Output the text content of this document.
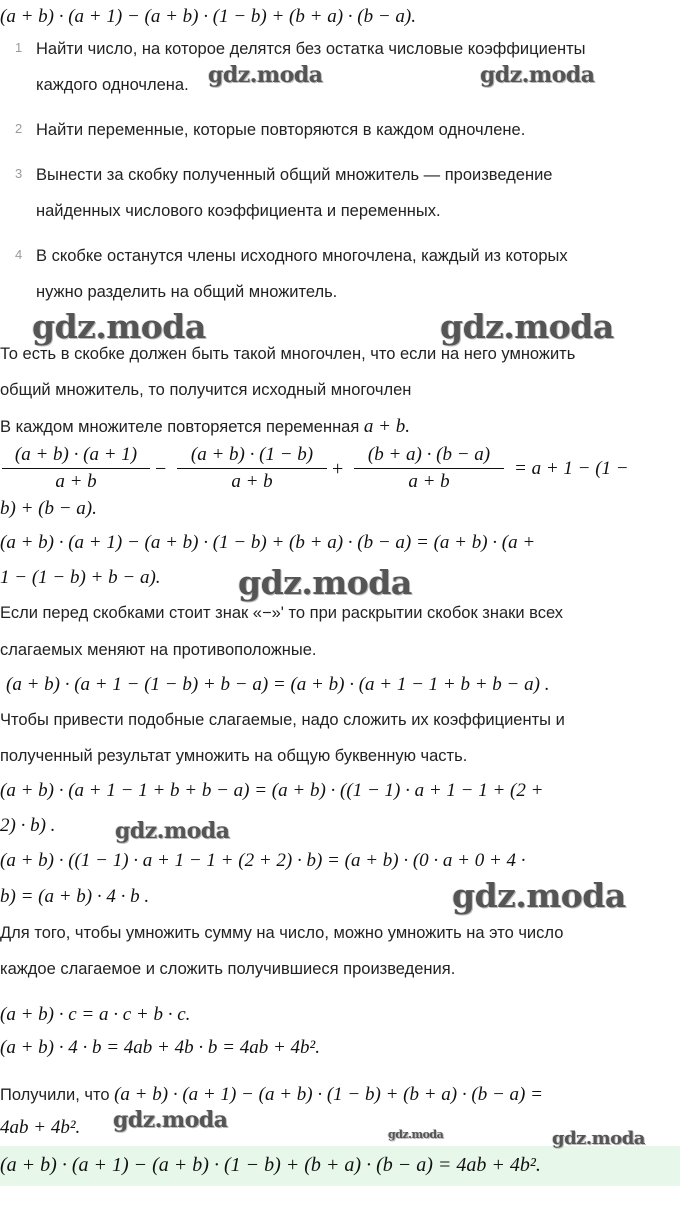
(a + b) · (a + 1) − (a + b) · (1 − b) + (b + a) · (b − a).
1 Найти число, на которое делятся без остатка числовые коэффициенты
каждого одночлена.
2 Найти переменные, которые повторяются в каждом одночлене.
3 Вынести за скобку полученный общий множитель — произведение
найденных числового коэффициента и переменных.
4 В скобке останутся члены исходного многочлена, каждый из которых
нужно разделить на общий множитель.
То есть в скобке должен быть такой многочлен, что если на него умножить
общий множитель, то получится исходный многочлен
В каждом множителе повторяется переменная a + b.
$\frac{(a + b) \cdot (a + 1)}{a + b} - \frac{(a + b) \cdot (1 - b)}{a + b} + \frac{(b + a) \cdot (b - a)}{a + b} = a + 1 - (1$ −
b) + (b − a).
(a + b) · (a + 1) − (a + b) · (1 − b) + (b + a) · (b − a) = (a + b) · (a +
1 − (1 − b) + b − a).
Если перед скобками стоит знак «−»' то при раскрытии скобок знаки всех
слагаемых меняют на противоположные.
(a + b) · (a + 1 − (1 − b) + b − a) = (a + b) · (a + 1 − 1 + b + b − a) .
Чтобы привести подобные слагаемые, надо сложить их коэффициенты и
полученный результат умножить на общую буквенную часть.
(a + b) · (a + 1 − 1 + b + b − a) = (a + b) · ((1 − 1) · a + 1 − 1 + (2 +
2) · b) .
(a + b) · ((1 − 1) · a + 1 − 1 + (2 + 2) · b) = (a + b) · (0 · a + 0 + 4 ·
b) = (a + b) · 4 · b .
Для того, чтобы умножить сумму на число, можно умножить на это число
каждое слагаемое и сложить получившиеся произведения.
(a + b) · c = a · c + b · c.
(a + b) · 4 · b = 4ab + 4b · b = 4ab + 4b².
Получили, что (a + b) · (a + 1) − (a + b) · (1 − b) + (b + a) · (b − a) =
4ab + 4b².
(a + b) · (a + 1) − (a + b) · (1 − b) + (b + a) · (b − a) = 4ab + 4b².
gdz.moda	gdz.moda
gdz.moda	gdz.moda
gdz.moda
gdz.moda
gdz.moda
gdz.moda
gdz.moda	gdz.moda
